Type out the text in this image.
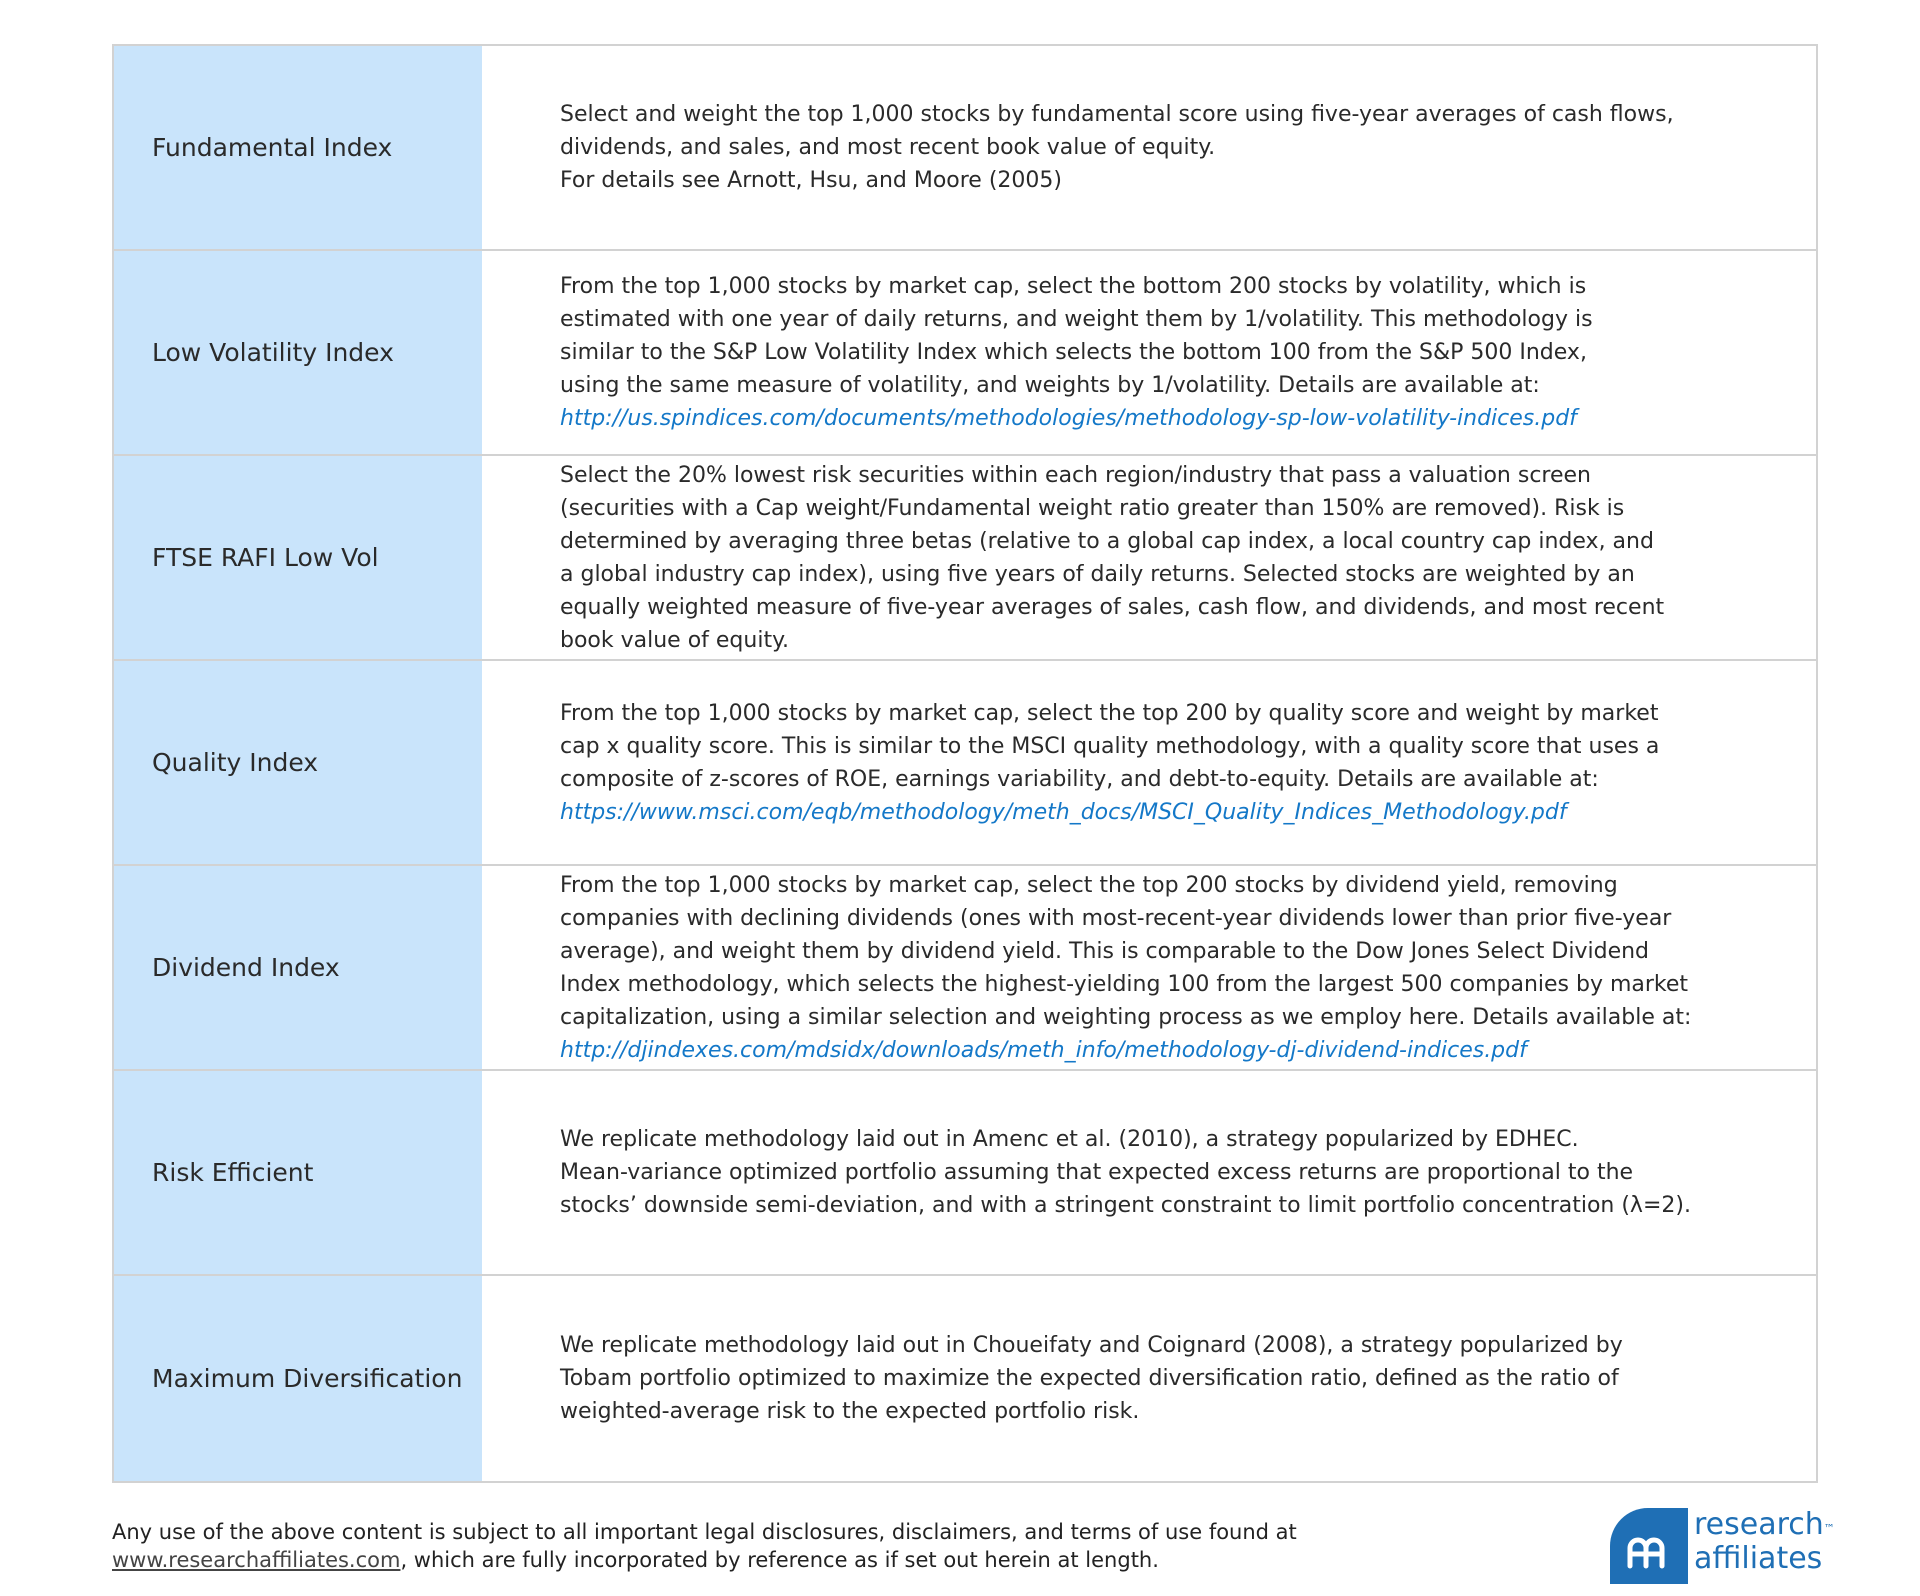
Fundamental Index
Select and weight the top 1,000 stocks by fundamental score using five-year averages of cash flows,
dividends, and sales, and most recent book value of equity.
For details see Arnott, Hsu, and Moore (2005)
Low Volatility Index
From the top 1,000 stocks by market cap, select the bottom 200 stocks by volatility, which is
estimated with one year of daily returns, and weight them by 1/volatility. This methodology is
similar to the S&P Low Volatility Index which selects the bottom 100 from the S&P 500 Index,
using the same measure of volatility, and weights by 1/volatility. Details are available at:
http://us.spindices.com/documents/methodologies/methodology-sp-low-volatility-indices.pdf
FTSE RAFI Low Vol
Select the 20% lowest risk securities within each region/industry that pass a valuation screen
(securities with a Cap weight/Fundamental weight ratio greater than 150% are removed). Risk is
determined by averaging three betas (relative to a global cap index, a local country cap index, and
a global industry cap index), using five years of daily returns. Selected stocks are weighted by an
equally weighted measure of five-year averages of sales, cash flow, and dividends, and most recent
book value of equity.
Quality Index
From the top 1,000 stocks by market cap, select the top 200 by quality score and weight by market
cap x quality score. This is similar to the MSCI quality methodology, with a quality score that uses a
composite of z-scores of ROE, earnings variability, and debt-to-equity. Details are available at:
https://www.msci.com/eqb/methodology/meth_docs/MSCI_Quality_Indices_Methodology.pdf
Dividend Index
From the top 1,000 stocks by market cap, select the top 200 stocks by dividend yield, removing
companies with declining dividends (ones with most-recent-year dividends lower than prior five-year
average), and weight them by dividend yield. This is comparable to the Dow Jones Select Dividend
Index methodology, which selects the highest-yielding 100 from the largest 500 companies by market
capitalization, using a similar selection and weighting process as we employ here. Details available at:
http://djindexes.com/mdsidx/downloads/meth_info/methodology-dj-dividend-indices.pdf
Risk Efficient
We replicate methodology laid out in Amenc et al. (2010), a strategy popularized by EDHEC.
Mean-variance optimized portfolio assuming that expected excess returns are proportional to the
stocks’ downside semi-deviation, and with a stringent constraint to limit portfolio concentration (λ=2).
Maximum Diversification
We replicate methodology laid out in Choueifaty and Coignard (2008), a strategy popularized by
Tobam portfolio optimized to maximize the expected diversification ratio, defined as the ratio of
weighted-average risk to the expected portfolio risk.
Any use of the above content is subject to all important legal disclosures, disclaimers, and terms of use found at
www.researchaffiliates.com, which are fully incorporated by reference as if set out herein at length.
research™
affiliates
